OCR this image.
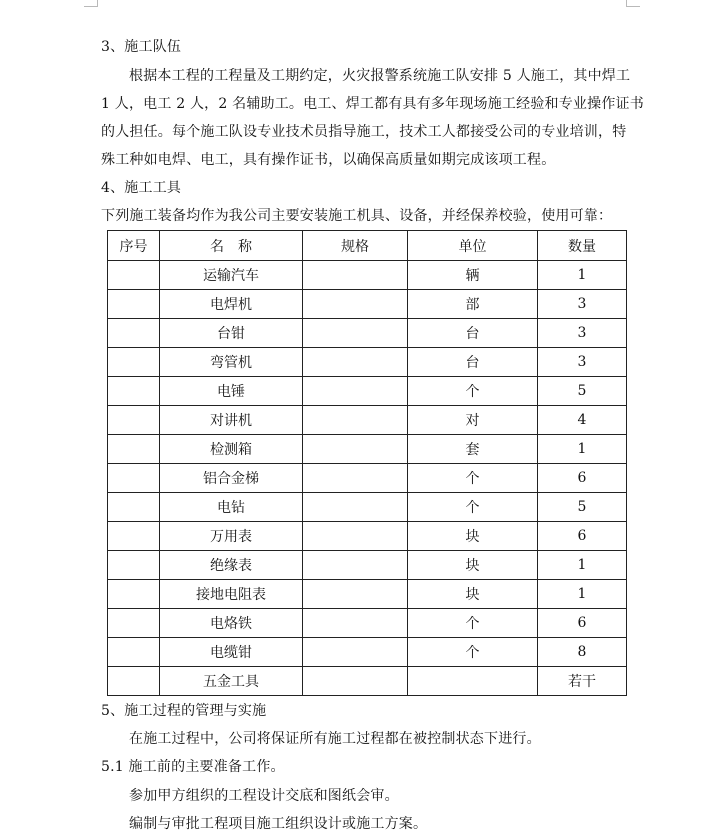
3、施工队伍
根据本工程的工程量及工期约定，火灾报警系统施工队安排 5 人施工，其中焊工
1 人，电工 2 人，2 名辅助工。电工、焊工都有具有多年现场施工经验和专业操作证书
的人担任。每个施工队设专业技术员指导施工，技术工人都接受公司的专业培训，特
殊工种如电焊、电工，具有操作证书，以确保高质量如期完成该项工程。
4、施工工具
下列施工装备均作为我公司主要安装施工机具、设备，并经保养校验，使用可靠：
序号	名　称	规格	单位	数量
	运输汽车		辆	1
	电焊机		部	3
	台钳		台	3
	弯管机		台	3
	电锤		个	5
	对讲机		对	4
	检测箱		套	1
	铝合金梯		个	6
	电钻		个	5
	万用表		块	6
	绝缘表		块	1
	接地电阻表		块	1
	电烙铁		个	6
	电缆钳		个	8
	五金工具			若干
5、施工过程的管理与实施
在施工过程中，公司将保证所有施工过程都在被控制状态下进行。
5.1 施工前的主要准备工作。
参加甲方组织的工程设计交底和图纸会审。
编制与审批工程项目施工组织设计或施工方案。
